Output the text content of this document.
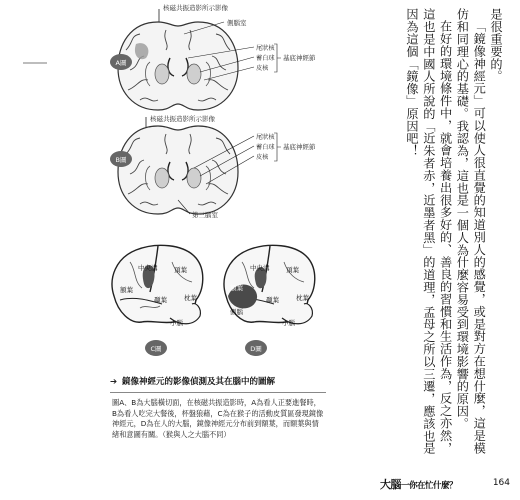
核磁共振造影所示影像
側腦室
尾狀核
蓄白球
皮核
基底神經節
A圖
核磁共振造影所示影像
尾狀核
蓄白球
皮核
基底神經節
第三腦室
B圖
中央溝	頂葉
額葉
顳葉	枕葉
小腦
C圖
中央溝	頂葉
額葉
側腦
顳葉	枕葉
小腦
D圖
➔ 鏡像神經元的影像偵測及其在腦中的圖解
圖A、B為大腦橫切面，在核磁共振造影時，A為看人正要進餐時，B為看人吃完大餐後，杯盤狼藉，C為在猴子的活動皮質區發現鏡像神經元，D為在人的大腦，鏡像神經元分布前到額葉，而額葉與情緒和意圖有關。（猴與人之大腦不同）

是很重要的。

「鏡像神經元」可以使人很直覺的知道別人的感覺，或是對方在想什麼，這是模仿和同理心的基礎。我認為，這也是一個人為什麼容易受到環境影響的原因。

在好的環境條件中，就會培養出很多好的、善良的習慣和生活作為，反之亦然，這也是中國人所說的「近朱者赤，近墨者黑」的道理，孟母之所以三遷，應該也是因為這個「鏡像」原因吧！

大腦一你在忙什麼？	164
